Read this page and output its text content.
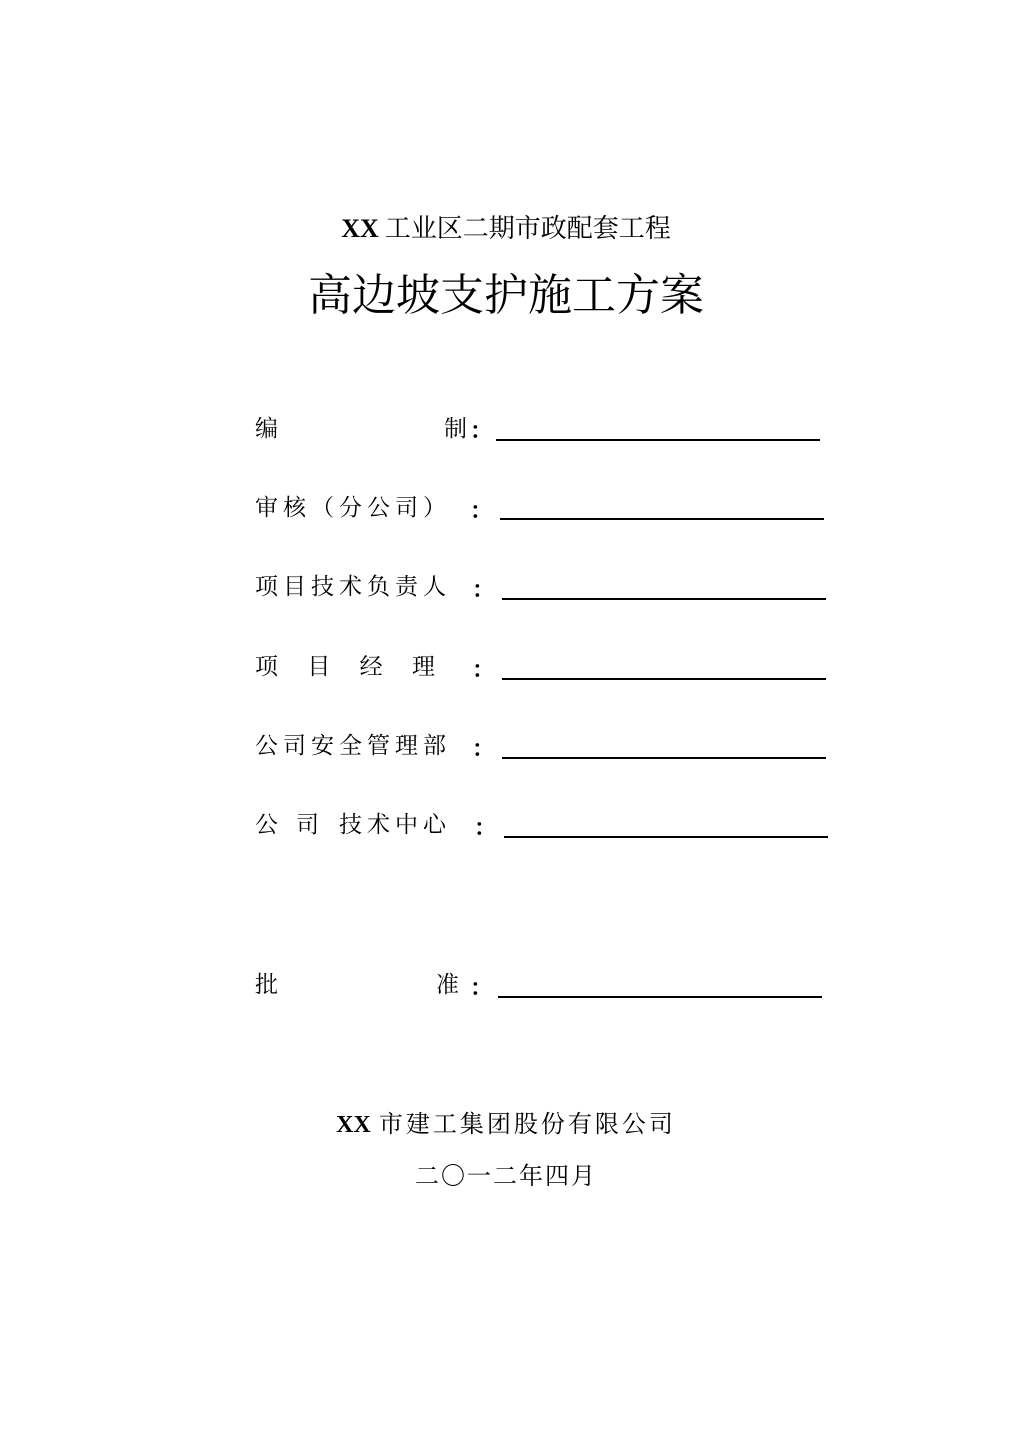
XX 工业区二期市政配套工程
高边坡支护施工方案
编	制 ：
审核（分公司） ：
项目技术负责人 ：
项 目 经 理 ：
公司安全管理部 ：
公 司 技术中心	：
批	准 ：
XX 市建工集团股份有限公司
二〇一二年四月
